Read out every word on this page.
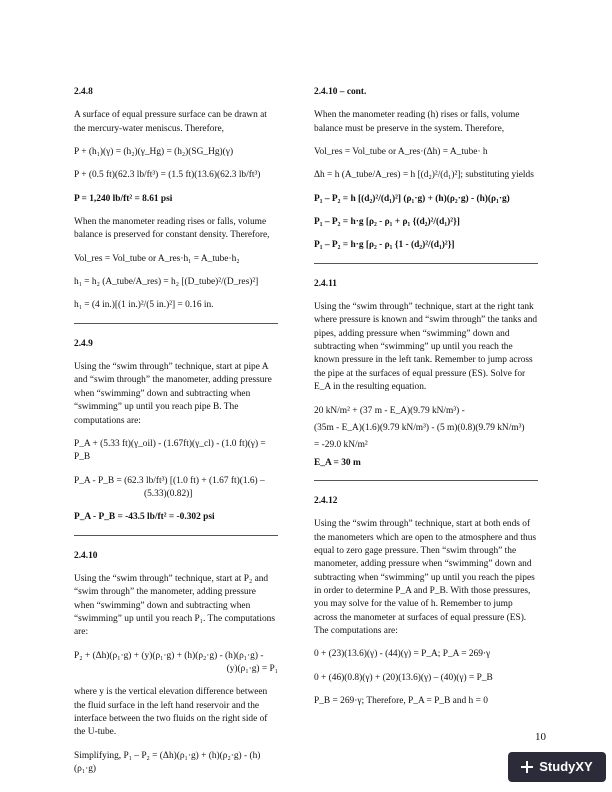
2.4.8

A surface of equal pressure surface can be drawn at the mercury-water meniscus. Therefore,

P + (h₁)(γ) = (h₂)(γ_Hg) = (h₂)(SG_Hg)(γ)

P + (0.5 ft)(62.3 lb/ft³) = (1.5 ft)(13.6)(62.3 lb/ft³)

P = 1,240 lb/ft² = 8.61 psi

When the manometer reading rises or falls, volume balance is preserved for constant density. Therefore,

Vol_res = Vol_tube or A_res·h₁ = A_tube·h₂

h₁ = h₂ (A_tube/A_res) = h₂ [(D_tube)²/(D_res)²]

h₁ = (4 in.)[(1 in.)²/(5 in.)²] = 0.16 in.

2.4.9

Using the “swim through” technique, start at pipe A and “swim through” the manometer, adding pressure when “swimming” down and subtracting when “swimming” up until you reach pipe B. The computations are:

P_A + (5.33 ft)(γ_oil) - (1.67ft)(γ_cl) - (1.0 ft)(γ) = P_B

P_A - P_B = (62.3 lb/ft³) [(1.0 ft) + (1.67 ft)(1.6) –

(5.33)(0.82)]

P_A - P_B = -43.5 lb/ft² = -0.302 psi

2.4.10

Using the “swim through” technique, start at P₂ and “swim through” the manometer, adding pressure when “swimming” down and subtracting when “swimming” up until you reach P₁. The computations are:

P₂ + (Δh)(ρ₁·g) + (y)(ρ₁·g) + (h)(ρ₂·g) - (h)(ρ₁·g) -

(y)(ρ₁·g) = P₁

where y is the vertical elevation difference between the fluid surface in the left hand reservoir and the interface between the two fluids on the right side of the U-tube.

Simplifying, P₁ – P₂ = (Δh)(ρ₁·g) + (h)(ρ₂·g) - (h)(ρ₁·g)

2.4.10 – cont.

When the manometer reading (h) rises or falls, volume balance must be preserve in the system. Therefore,

Vol_res = Vol_tube or A_res·(Δh) = A_tube· h

Δh = h (A_tube/A_res) = h [(d₂)²/(d₁)²]; substituting yields

P₁ – P₂ = h [(d₂)²/(d₁)²] (ρ₁·g) + (h)(ρ₂·g) - (h)(ρ₁·g)

P₁ – P₂ = h·g [ρ₂ - ρ₁ + ρ₁ {(d₂)²/(d₁)²}]

P₁ – P₂ = h·g [ρ₂ - ρ₁ {1 - (d₂)²/(d₁)²}]

2.4.11

Using the “swim through” technique, start at the right tank where pressure is known and “swim through” the tanks and pipes, adding pressure when “swimming” down and subtracting when “swimming” up until you reach the known pressure in the left tank. Remember to jump across the pipe at the surfaces of equal pressure (ES). Solve for E_A in the resulting equation.

20 kN/m² + (37 m - E_A)(9.79 kN/m³) -

(35m - E_A)(1.6)(9.79 kN/m³) - (5 m)(0.8)(9.79 kN/m³)

= -29.0 kN/m²

E_A = 30 m

2.4.12

Using the “swim through” technique, start at both ends of the manometers which are open to the atmosphere and thus equal to zero gage pressure. Then “swim through” the manometer, adding pressure when “swimming” down and subtracting when “swimming” up until you reach the pipes in order to determine P_A and P_B. With those pressures, you may solve for the value of h. Remember to jump across the manometer at surfaces of equal pressure (ES). The computations are:

0 + (23)(13.6)(γ) - (44)(γ) = P_A; P_A = 269·γ

0 + (46)(0.8)(γ) + (20)(13.6)(γ) – (40)(γ) = P_B

P_B = 269·γ; Therefore, P_A = P_B and h = 0

10
StudyXY
